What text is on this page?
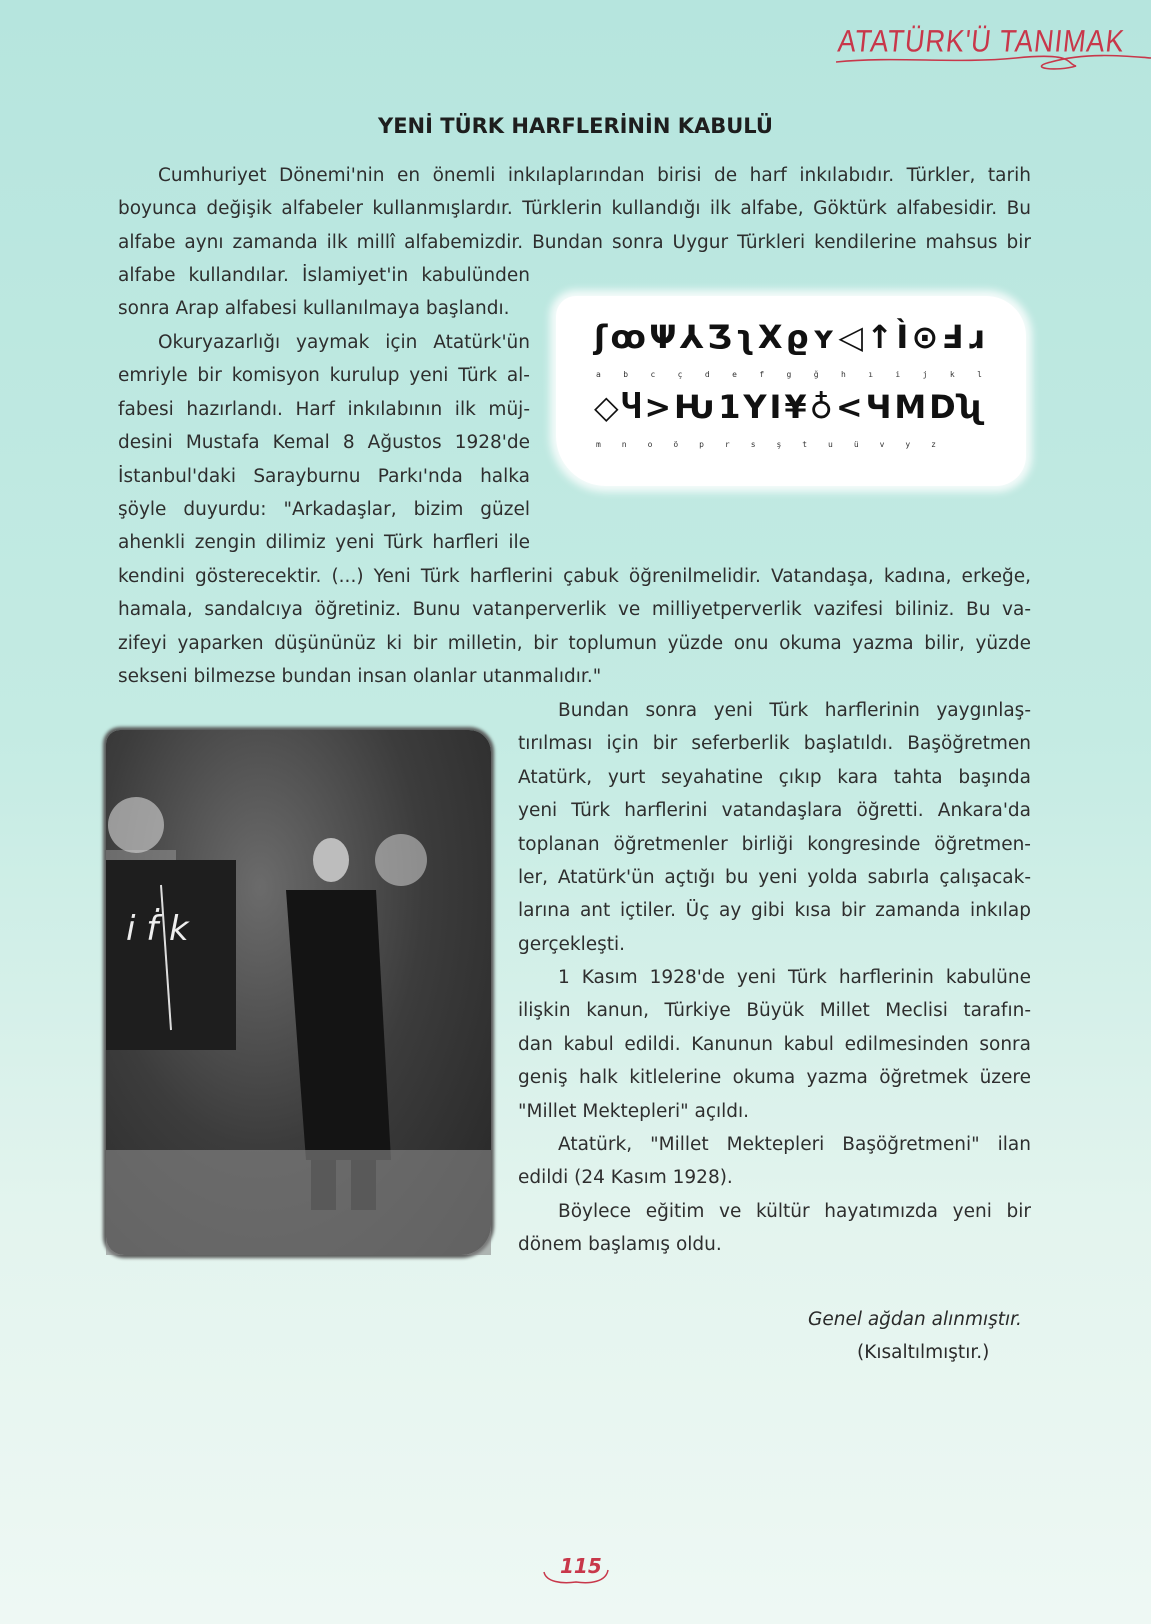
ATATÜRK'Ü TANIMAK
YENİ TÜRK HARFLERİNİN KABULÜ
Cumhuriyet Dönemi'nin en önemli inkılaplarından birisi de harf inkılabıdır. Türkler, tarih
boyunca değişik alfabeler kullanmışlardır. Türklerin kullandığı ilk alfabe, Göktürk alfabesidir. Bu
alfabe aynı zamanda ilk millî alfabemizdir. Bundan sonra Uygur Türkleri kendilerine mahsus bir
alfabe kullandılar. İslamiyet'in kabulünden
sonra Arap alfabesi kullanılmaya başlandı.
Okuryazarlığı yaymak için Atatürk'ün
emriyle bir komisyon kurulup yeni Türk al-
fabesi hazırlandı. Harf inkılabının ilk müj-
desini Mustafa Kemal 8 Ağustos 1928'de
İstanbul'daki Sarayburnu Parkı'nda halka
şöyle duyurdu: "Arkadaşlar, bizim güzel
ahenkli zengin dilimiz yeni Türk harfleri ile
kendini gösterecektir. (...) Yeni Türk harflerini çabuk öğrenilmelidir. Vatandaşa, kadına, erkeğe,
hamala, sandalcıya öğretiniz. Bunu vatanperverlik ve milliyetperverlik vazifesi biliniz. Bu va-
zifeyi yaparken düşününüz ki bir milletin, bir toplumun yüzde onu okuma yazma bilir, yüzde
sekseni bilmezse bundan insan olanlar utanmalıdır."
Bundan sonra yeni Türk harflerinin yaygınlaş-
tırılması için bir seferberlik başlatıldı. Başöğretmen
Atatürk, yurt seyahatine çıkıp kara tahta başında
yeni Türk harflerini vatandaşlara öğretti. Ankara'da
toplanan öğretmenler birliği kongresinde öğretmen-
ler, Atatürk'ün açtığı bu yeni yolda sabırla çalışacak-
larına ant içtiler. Üç ay gibi kısa bir zamanda inkılap
gerçekleşti.
ʃ ꝏ Ψ ⅄ Ʒ ʅ X ϱ ʏ ◁ ↑ Ì ⊙ Ⅎ ɹ
a	b	c	ç	d	e	f	g	ğ	h	ı	i	j	k	l
◇ Ⴗ > Ԋ 1 Υ I ¥ ♁ < Ч M D ʯ
m	n	o	ö	p	r	s	ş	t	u	ü	v	y	z
i ḟ k
1 Kasım 1928'de yeni Türk harflerinin kabulüne
ilişkin kanun, Türkiye Büyük Millet Meclisi tarafın-
dan kabul edildi. Kanunun kabul edilmesinden sonra
geniş halk kitlelerine okuma yazma öğretmek üzere
"Millet Mektepleri" açıldı.
Atatürk, "Millet Mektepleri Başöğretmeni" ilan
edildi (24 Kasım 1928).
Böylece eğitim ve kültür hayatımızda yeni bir
dönem başlamış oldu.
Genel ağdan alınmıştır.
(Kısaltılmıştır.)
115
